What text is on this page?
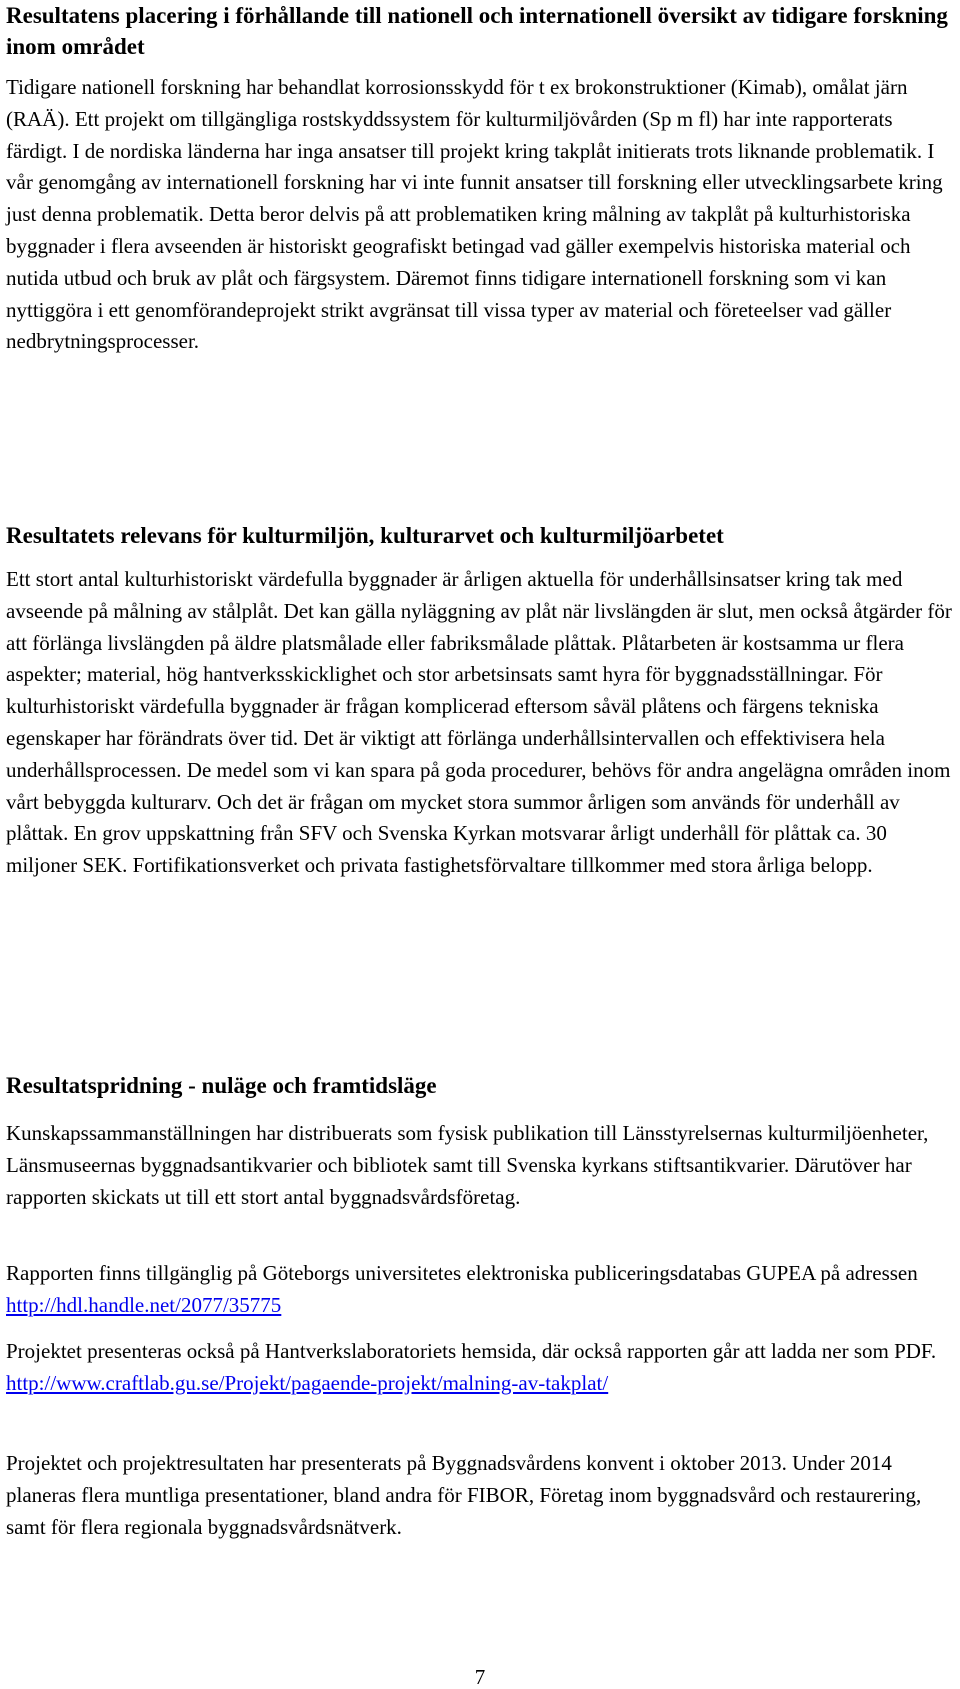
Resultatens placering i förhållande till nationell och internationell översikt av tidigare forskning inom området

Tidigare nationell forskning har behandlat korrosionsskydd för t ex brokonstruktioner (Kimab), omålat järn (RAÄ). Ett projekt om tillgängliga rostskyddssystem för kulturmiljövården (Sp m fl) har inte rapporterats färdigt. I de nordiska länderna har inga ansatser till projekt kring takplåt initierats trots liknande problematik. I vår genomgång av internationell forskning har vi inte funnit ansatser till forskning eller utvecklingsarbete kring just denna problematik. Detta beror delvis på att problematiken kring målning av takplåt på kulturhistoriska byggnader i flera avseenden är historiskt geografiskt betingad vad gäller exempelvis historiska material och nutida utbud och bruk av plåt och färgsystem. Däremot finns tidigare internationell forskning som vi kan nyttiggöra i ett genomförandeprojekt strikt avgränsat till vissa typer av material och företeelser vad gäller nedbrytningsprocesser.

Resultatets relevans för kulturmiljön, kulturarvet och kulturmiljöarbetet

Ett stort antal kulturhistoriskt värdefulla byggnader är årligen aktuella för underhållsinsatser kring tak med avseende på målning av stålplåt. Det kan gälla nyläggning av plåt när livslängden är slut, men också åtgärder för att förlänga livslängden på äldre platsmålade eller fabriksmålade plåttak. Plåtarbeten är kostsamma ur flera aspekter; material, hög hantverksskicklighet och stor arbetsinsats samt hyra för byggnadsställningar. För kulturhistoriskt värdefulla byggnader är frågan komplicerad eftersom såväl plåtens och färgens tekniska egenskaper har förändrats över tid. Det är viktigt att förlänga underhållsintervallen och effektivisera hela underhållsprocessen. De medel som vi kan spara på goda procedurer, behövs för andra angelägna områden inom vårt bebyggda kulturarv. Och det är frågan om mycket stora summor årligen som används för underhåll av plåttak. En grov uppskattning från SFV och Svenska Kyrkan motsvarar årligt underhåll för plåttak ca. 30 miljoner SEK. Fortifikationsverket och privata fastighetsförvaltare tillkommer med stora årliga belopp.

Resultatspridning - nuläge och framtidsläge

Kunskapssammanställningen har distribuerats som fysisk publikation till Länsstyrelsernas kulturmiljöenheter, Länsmuseernas byggnadsantikvarier och bibliotek samt till Svenska kyrkans stiftsantikvarier. Därutöver har rapporten skickats ut till ett stort antal byggnadsvårdsföretag.

Rapporten finns tillgänglig på Göteborgs universitetes elektroniska publiceringsdatabas GUPEA på adressen http://hdl.handle.net/2077/35775

Projektet presenteras också på Hantverkslaboratoriets hemsida, där också rapporten går att ladda ner som PDF. http://www.craftlab.gu.se/Projekt/pagaende-projekt/malning-av-takplat/

Projektet och projektresultaten har presenterats på Byggnadsvårdens konvent i oktober 2013. Under 2014 planeras flera muntliga presentationer, bland andra för FIBOR, Företag inom byggnadsvård och restaurering, samt för flera regionala byggnadsvårdsnätverk.

7
